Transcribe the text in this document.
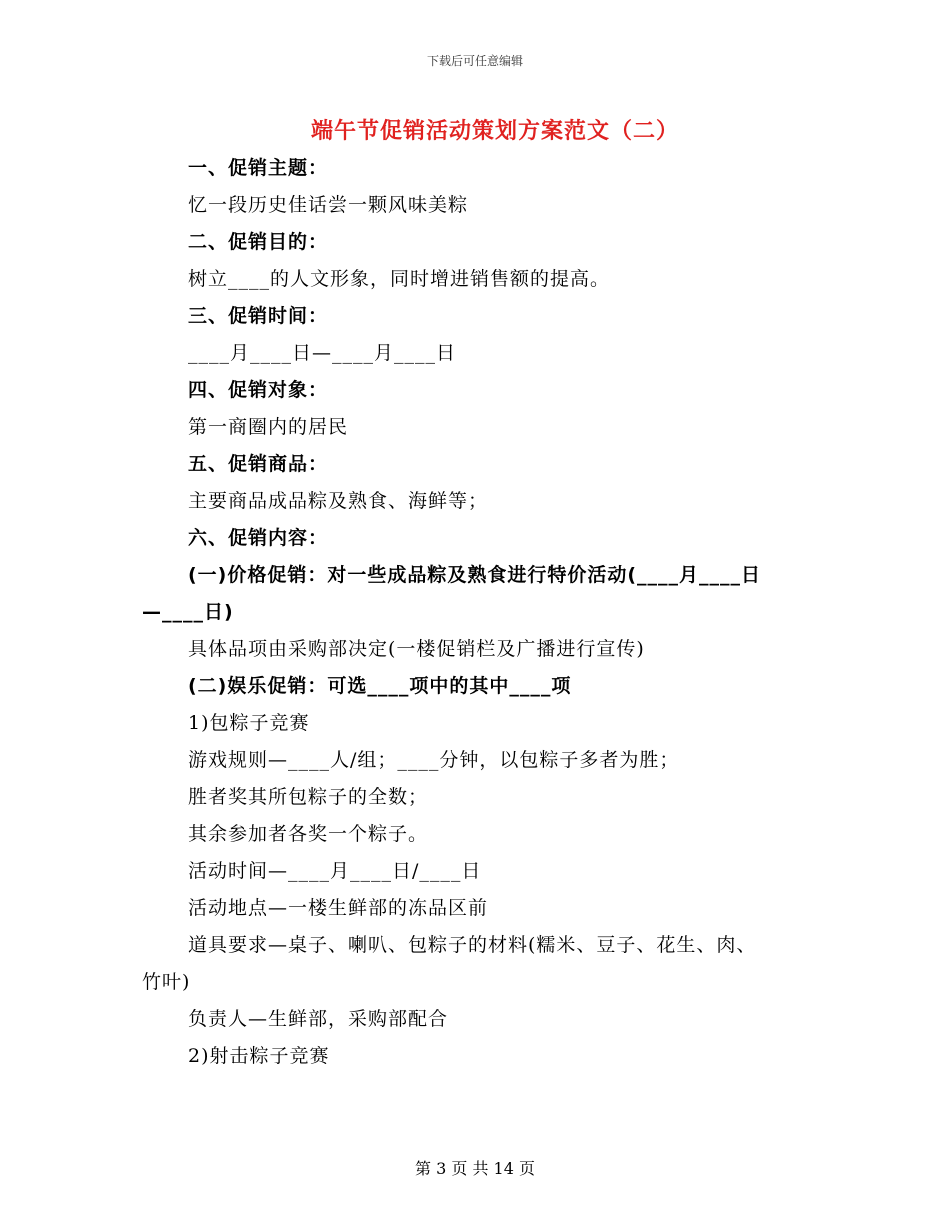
下载后可任意编辑
端午节促销活动策划方案范文（二）
一、促销主题：
忆一段历史佳话尝一颗风味美粽
二、促销目的：
树立____的人文形象，同时增进销售额的提高。
三、促销时间：
____月____日—____月____日
四、促销对象：
第一商圈内的居民
五、促销商品：
主要商品成品粽及熟食、海鲜等；
六、促销内容：
(一)价格促销：对一些成品粽及熟食进行特价活动(____月____日
—____日)
具体品项由采购部决定(一楼促销栏及广播进行宣传)
(二)娱乐促销：可选____项中的其中____项
1)包粽子竞赛
游戏规则—____人/组；____分钟，以包粽子多者为胜；
胜者奖其所包粽子的全数；
其余参加者各奖一个粽子。
活动时间—____月____日/____日
活动地点—一楼生鲜部的冻品区前
道具要求—桌子、喇叭、包粽子的材料(糯米、豆子、花生、肉、
竹叶)
负责人—生鲜部，采购部配合
2)射击粽子竞赛
第 3 页 共 14 页
